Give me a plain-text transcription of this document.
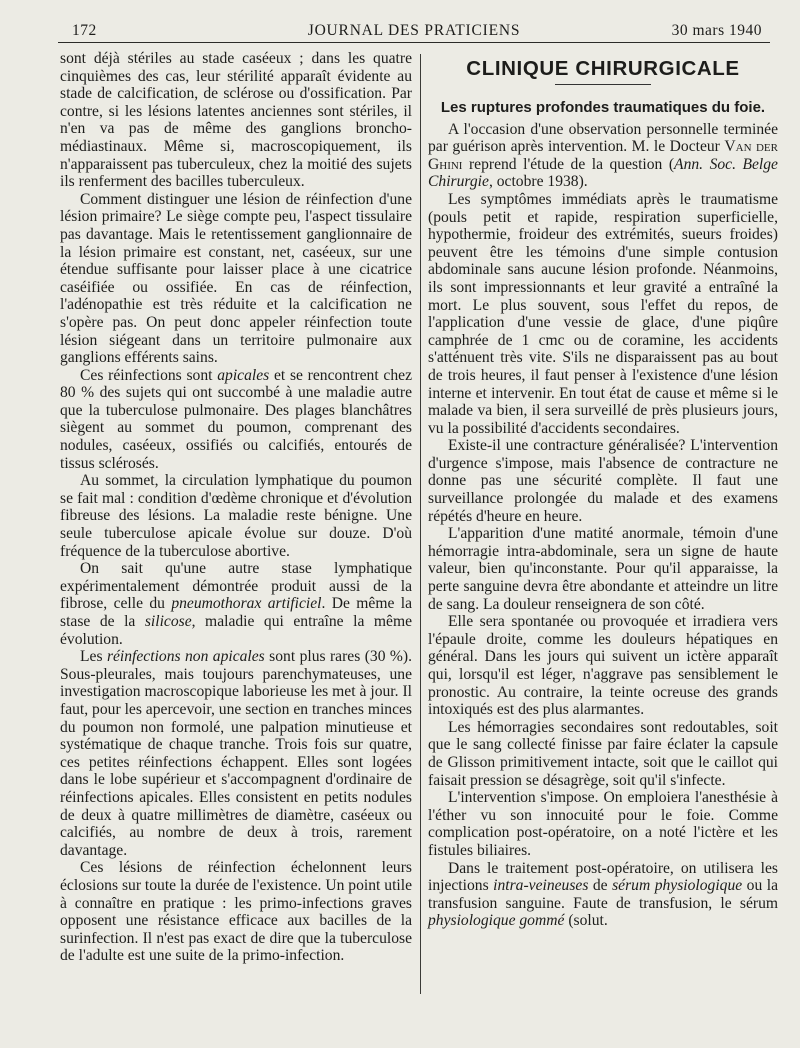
172	JOURNAL DES PRATICIENS	30 mars 1940

sont déjà stériles au stade caséeux ; dans les quatre cinquièmes des cas, leur stérilité apparaît évidente au stade de calcification, de sclérose ou d'ossification. Par contre, si les lésions latentes anciennes sont stériles, il n'en va pas de même des ganglions broncho-médiastinaux. Même si, macroscopiquement, ils n'apparaissent pas tuberculeux, chez la moitié des sujets ils renferment des bacilles tuberculeux.

Comment distinguer une lésion de réinfection d'une lésion primaire? Le siège compte peu, l'aspect tissulaire pas davantage. Mais le retentissement ganglionnaire de la lésion primaire est constant, net, caséeux, sur une étendue suffisante pour laisser place à une cicatrice caséifiée ou ossifiée. En cas de réinfection, l'adénopathie est très réduite et la calcification ne s'opère pas. On peut donc appeler réinfection toute lésion siégeant dans un territoire pulmonaire aux ganglions efférents sains.

Ces réinfections sont apicales et se rencontrent chez 80 % des sujets qui ont succombé à une maladie autre que la tuberculose pulmonaire. Des plages blanchâtres siègent au sommet du poumon, comprenant des nodules, caséeux, ossifiés ou calcifiés, entourés de tissus sclérosés.

Au sommet, la circulation lymphatique du poumon se fait mal : condition d'œdème chronique et d'évolution fibreuse des lésions. La maladie reste bénigne. Une seule tuberculose apicale évolue sur douze. D'où fréquence de la tuberculose abortive.

On sait qu'une autre stase lymphatique expérimentalement démontrée produit aussi de la fibrose, celle du pneumothorax artificiel. De même la stase de la silicose, maladie qui entraîne la même évolution.

Les réinfections non apicales sont plus rares (30 %). Sous-pleurales, mais toujours parenchymateuses, une investigation macroscopique laborieuse les met à jour. Il faut, pour les apercevoir, une section en tranches minces du poumon non formolé, une palpation minutieuse et systématique de chaque tranche. Trois fois sur quatre, ces petites réinfections échappent. Elles sont logées dans le lobe supérieur et s'accompagnent d'ordinaire de réinfections apicales. Elles consistent en petits nodules de deux à quatre millimètres de diamètre, caséeux ou calcifiés, au nombre de deux à trois, rarement davantage.

Ces lésions de réinfection échelonnent leurs éclosions sur toute la durée de l'existence. Un point utile à connaître en pratique : les primo-infections graves opposent une résistance efficace aux bacilles de la surinfection. Il n'est pas exact de dire que la tuberculose de l'adulte est une suite de la primo-infection.

CLINIQUE CHIRURGICALE
Les ruptures profondes traumatiques du foie.

A l'occasion d'une observation personnelle terminée par guérison après intervention. M. le Docteur Van der Ghini reprend l'étude de la question (Ann. Soc. Belge Chirurgie, octobre 1938).

Les symptômes immédiats après le traumatisme (pouls petit et rapide, respiration superficielle, hypothermie, froideur des extrémités, sueurs froides) peuvent être les témoins d'une simple contusion abdominale sans aucune lésion profonde. Néanmoins, ils sont impressionnants et leur gravité a entraîné la mort. Le plus souvent, sous l'effet du repos, de l'application d'une vessie de glace, d'une piqûre camphrée de 1 cmc ou de coramine, les accidents s'atténuent très vite. S'ils ne disparaissent pas au bout de trois heures, il faut penser à l'existence d'une lésion interne et intervenir. En tout état de cause et même si le malade va bien, il sera surveillé de près plusieurs jours, vu la possibilité d'accidents secondaires.

Existe-il une contracture généralisée? L'intervention d'urgence s'impose, mais l'absence de contracture ne donne pas une sécurité complète. Il faut une surveillance prolongée du malade et des examens répétés d'heure en heure.

L'apparition d'une matité anormale, témoin d'une hémorragie intra-abdominale, sera un signe de haute valeur, bien qu'inconstante. Pour qu'il apparaisse, la perte sanguine devra être abondante et atteindre un litre de sang. La douleur renseignera de son côté.

Elle sera spontanée ou provoquée et irradiera vers l'épaule droite, comme les douleurs hépatiques en général. Dans les jours qui suivent un ictère apparaît qui, lorsqu'il est léger, n'aggrave pas sensiblement le pronostic. Au contraire, la teinte ocreuse des grands intoxiqués est des plus alarmantes.

Les hémorragies secondaires sont redoutables, soit que le sang collecté finisse par faire éclater la capsule de Glisson primitivement intacte, soit que le caillot qui faisait pression se désagrège, soit qu'il s'infecte.

L'intervention s'impose. On emploiera l'anesthésie à l'éther vu son innocuité pour le foie. Comme complication post-opératoire, on a noté l'ictère et les fistules biliaires.

Dans le traitement post-opératoire, on utilisera les injections intra-veineuses de sérum physiologique ou la transfusion sanguine. Faute de transfusion, le sérum physiologique gommé (solut.
